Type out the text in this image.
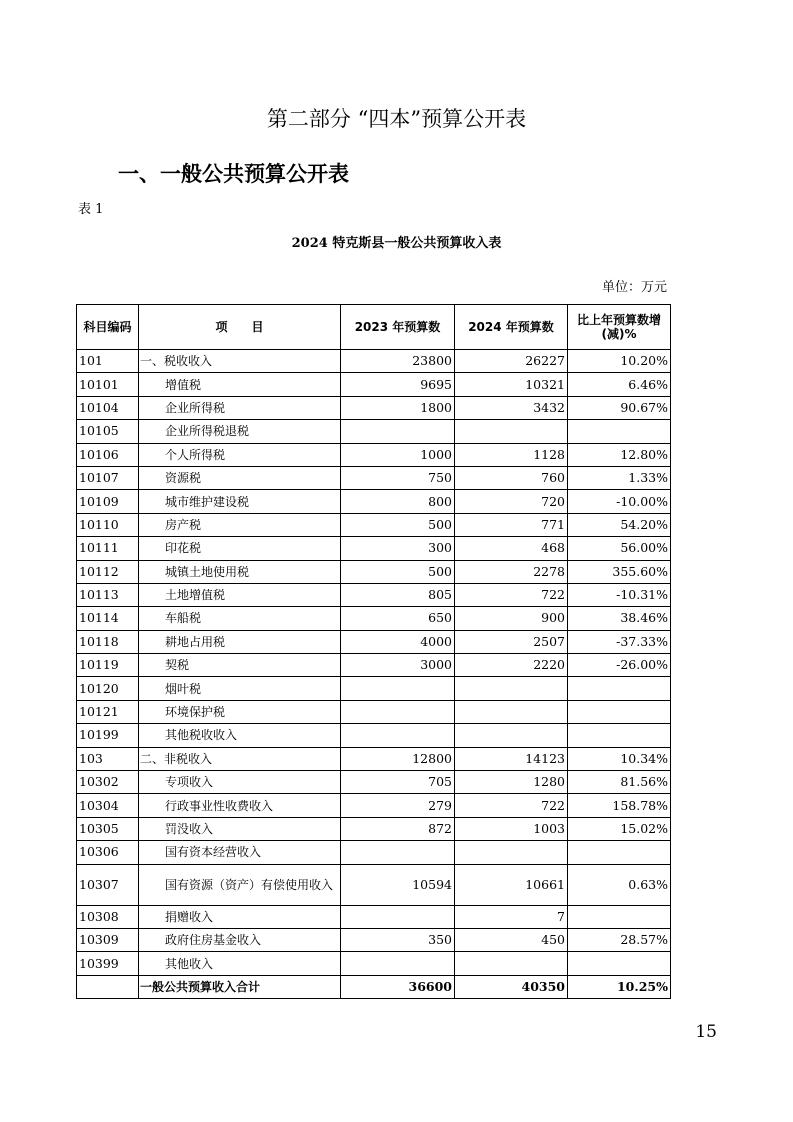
第二部分 “四本”预算公开表
一、一般公共预算公开表
表 1
2024 特克斯县一般公共预算收入表
单位：万元
科目编码	项　　目	2023 年预算数	2024 年预算数	比上年预算数增(减)%
101	一、税收收入	23800	26227	10.20%
10101	增值税	9695	10321	6.46%
10104	企业所得税	1800	3432	90.67%
10105	企业所得税退税			
10106	个人所得税	1000	1128	12.80%
10107	资源税	750	760	1.33%
10109	城市维护建设税	800	720	-10.00%
10110	房产税	500	771	54.20%
10111	印花税	300	468	56.00%
10112	城镇土地使用税	500	2278	355.60%
10113	土地增值税	805	722	-10.31%
10114	车船税	650	900	38.46%
10118	耕地占用税	4000	2507	-37.33%
10119	契税	3000	2220	-26.00%
10120	烟叶税			
10121	环境保护税			
10199	其他税收收入			
103	二、非税收入	12800	14123	10.34%
10302	专项收入	705	1280	81.56%
10304	行政事业性收费收入	279	722	158.78%
10305	罚没收入	872	1003	15.02%
10306	国有资本经营收入			
10307	国有资源（资产）有偿使用收入	10594	10661	0.63%
10308	捐赠收入		7	
10309	政府住房基金收入	350	450	28.57%
10399	其他收入			
	一般公共预算收入合计	36600	40350	10.25%
15
